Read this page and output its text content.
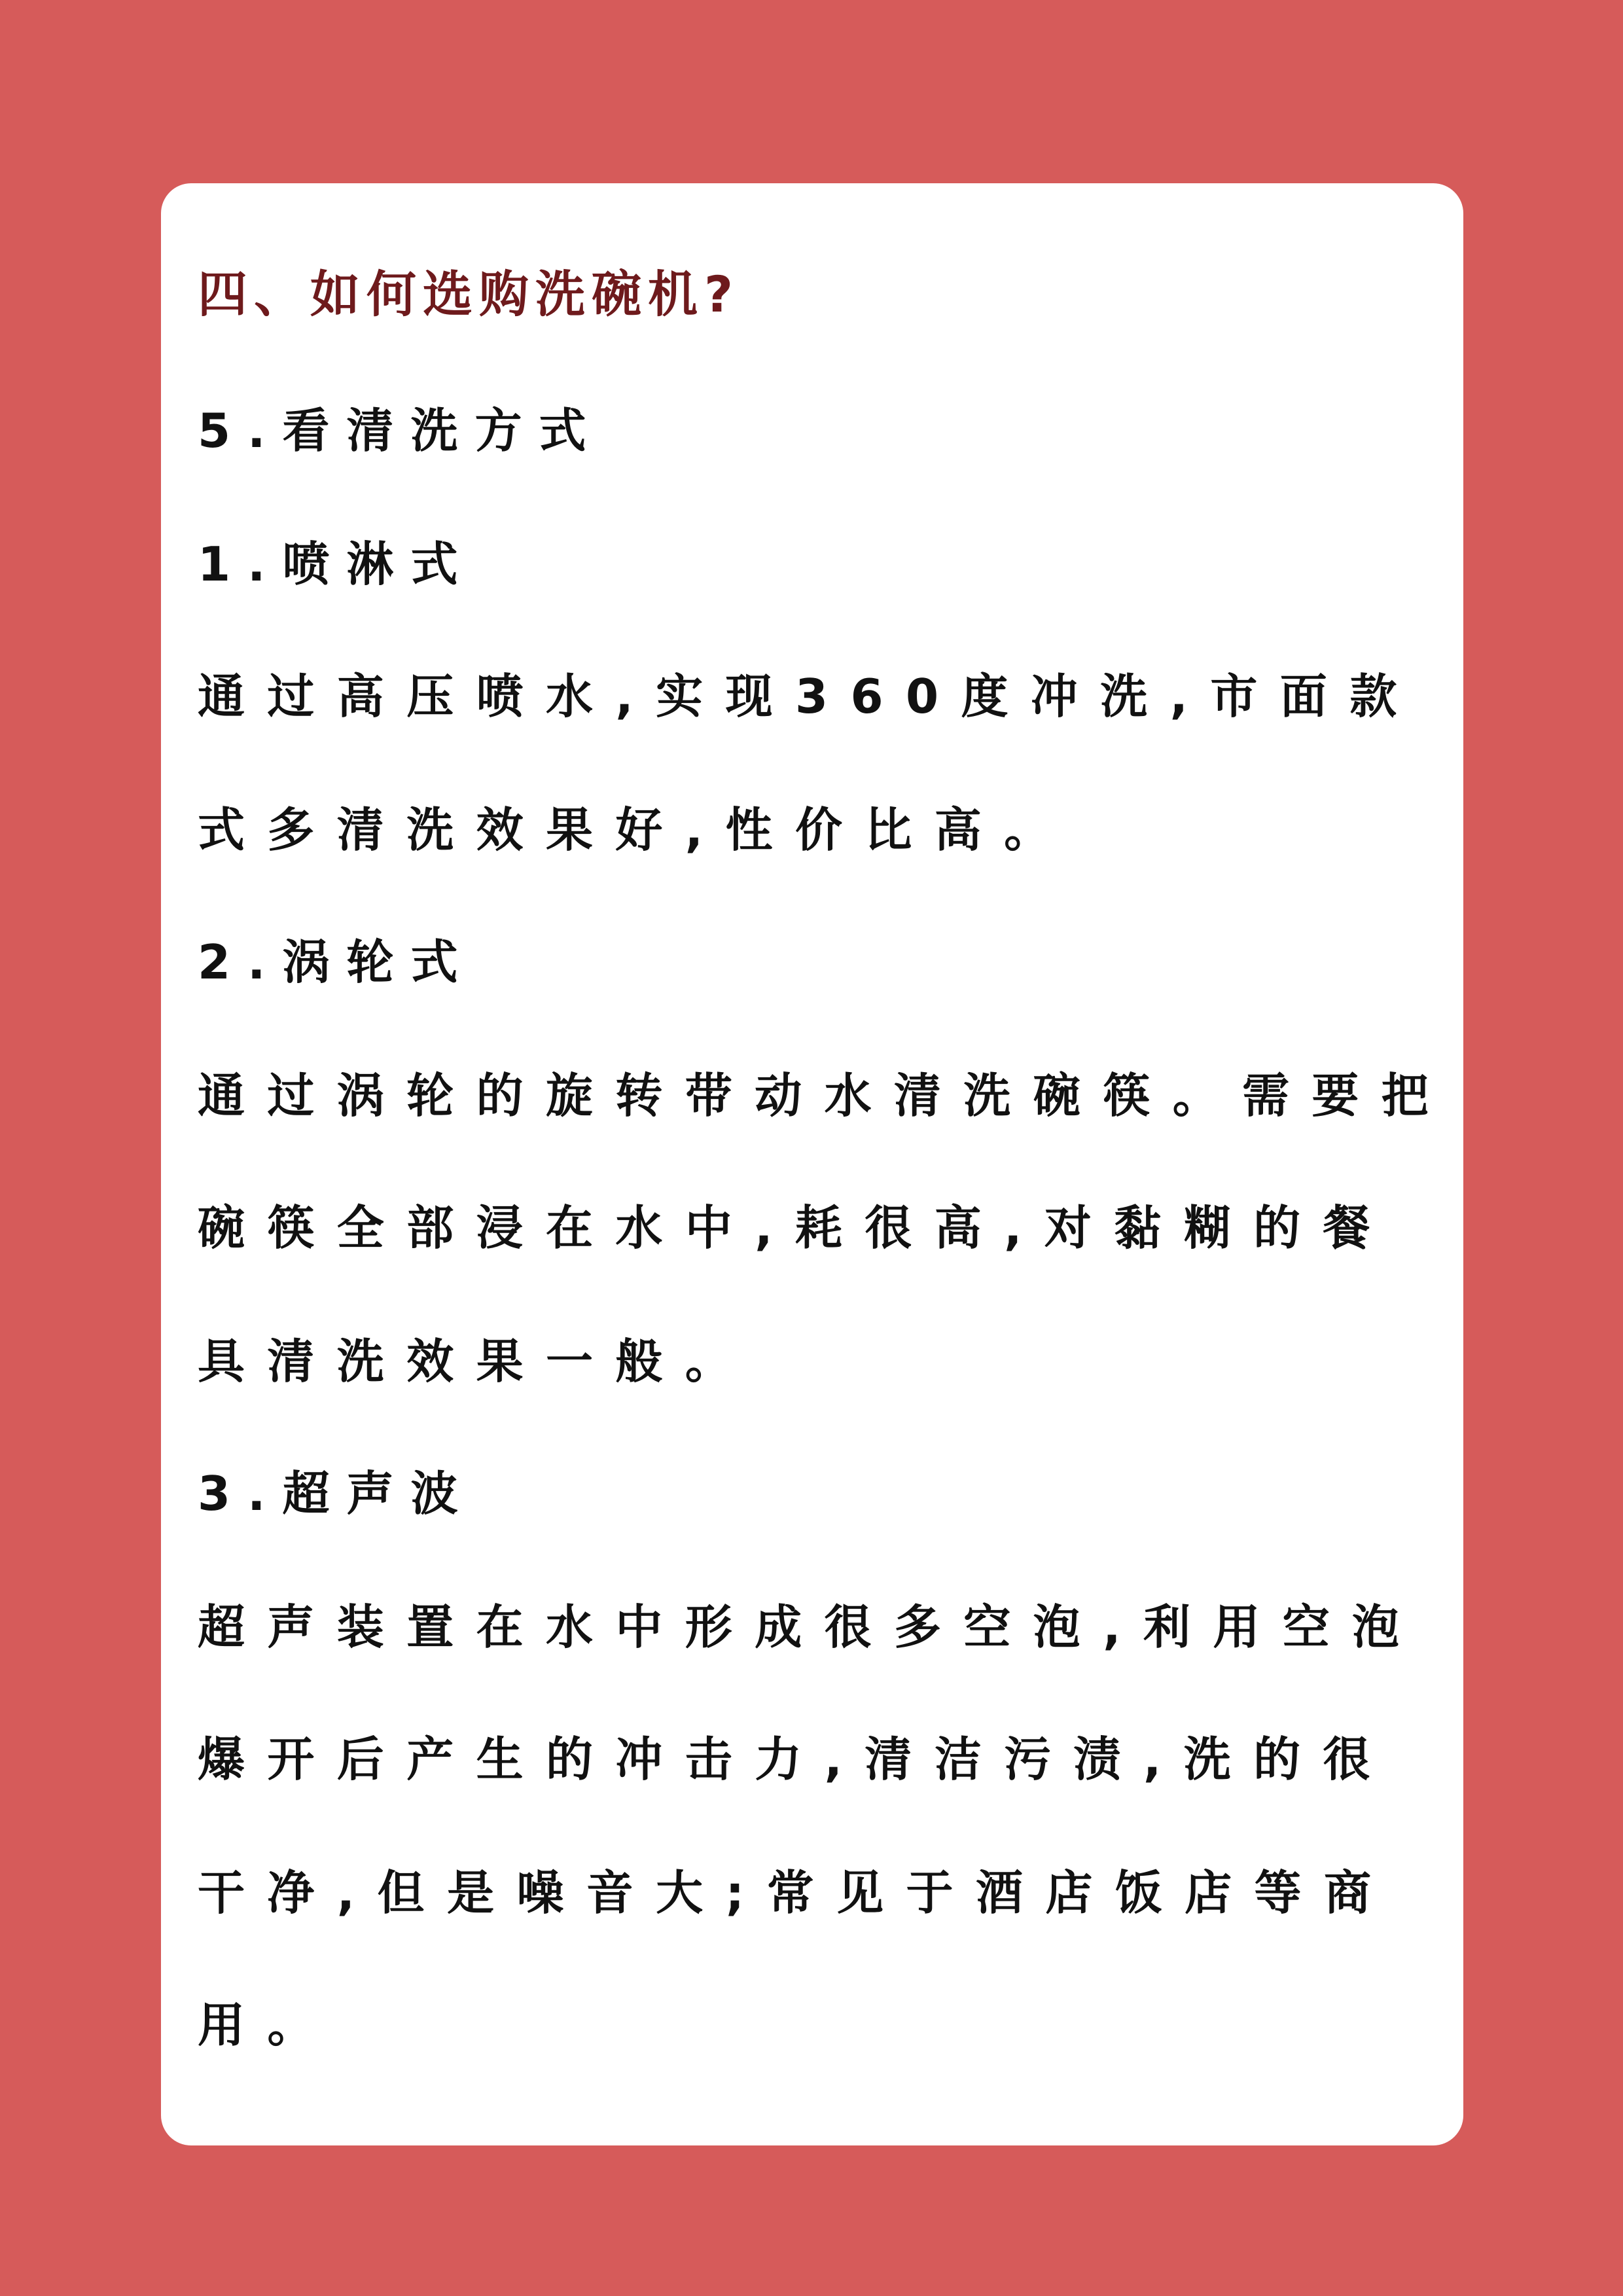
四、如何选购洗碗机?
5.看清洗方式
1.喷淋式
通过高压喷水,实现360度冲洗,市面款
式多清洗效果好,性价比高。
2.涡轮式
通过涡轮的旋转带动水清洗碗筷。需要把
碗筷全部浸在水中,耗很高,对黏糊的餐
具清洗效果一般。
3.超声波
超声装置在水中形成很多空泡,利用空泡
爆开后产生的冲击力,清洁污渍,洗的很
干净,但是噪音大;常见于酒店饭店等商
用。
